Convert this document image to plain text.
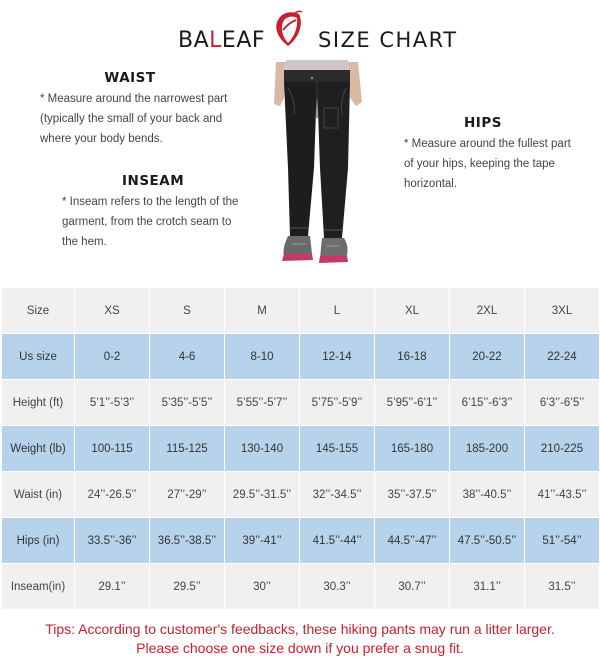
BALEAF	SIZE CHART
WAIST

* Measure around the narrowest part (typically the small of your back and where your body bends.

INSEAM

* Inseam refers to the length of the garment, from the crotch seam to the hem.

HIPS

* Measure around the fullest part of your hips, keeping the tape horizontal.

Size	XS	S	M	L	XL	2XL	3XL
Us size	0-2	4-6	8-10	12-14	16-18	20-22	22-24
Height (ft)	5’1’’-5’3’’	5’35’’-5’5’’	5’55’’-5’7’’	5’75’’-5’9’’	5’95’’-6’1’’	6’15’’-6’3’’	6’3’’-6’5’’
Weight (lb)	100-115	115-125	130-140	145-155	165-180	185-200	210-225
Waist (in)	24’’-26.5’’	27’’-29’’	29.5’’-31.5’’	32’’-34.5’’	35’’-37.5’’	38’’-40.5’’	41’’-43.5’’
Hips (in)	33.5’’-36’’	36.5’’-38.5’’	39’’-41’’	41.5’’-44’’	44.5’’-47’’	47.5’’-50.5’’	51’’-54’’
Inseam(in)	29.1’’	29.5’’	30’’	30.3’’	30.7’’	31.1’’	31.5’’
Tips: According to customer's feedbacks, these hiking pants may run a litter larger.
Please choose one size down if you prefer a snug fit.
